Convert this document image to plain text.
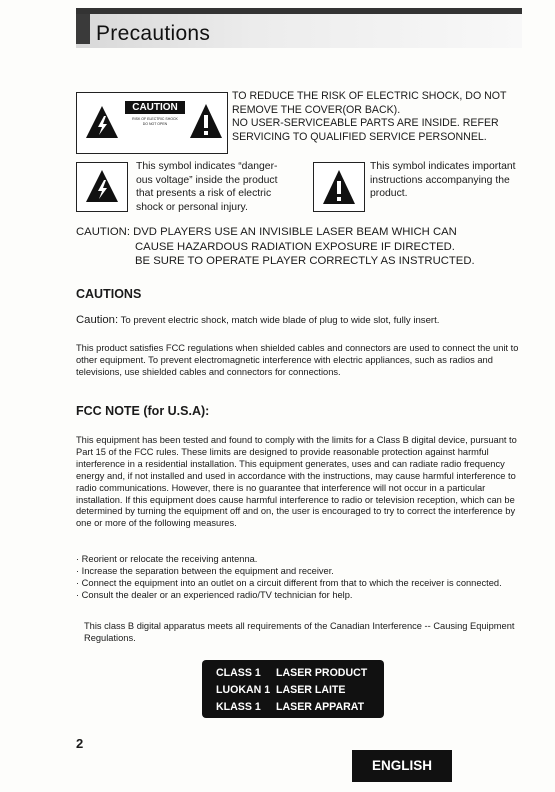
Precautions
CAUTION
RISK OF ELECTRIC SHOCK
DO NOT OPEN
TO REDUCE THE RISK OF ELECTRIC SHOCK, DO NOT
REMOVE THE COVER(OR BACK).
NO USER-SERVICEABLE PARTS ARE INSIDE. REFER
SERVICING TO QUALIFIED SERVICE PERSONNEL.
This symbol indicates “danger-
ous voltage” inside the product
that presents a risk of electric
shock or personal injury.
This symbol indicates important
instructions accompanying the
product.
CAUTION: DVD PLAYERS USE AN INVISIBLE LASER BEAM WHICH CAN
CAUSE HAZARDOUS RADIATION EXPOSURE IF DIRECTED.
BE SURE TO OPERATE PLAYER CORRECTLY AS INSTRUCTED.
CAUTIONS
Caution: To prevent electric shock, match wide blade of plug to wide slot, fully insert.

This product satisfies FCC regulations when shielded cables and connectors are used to connect the unit to other equipment. To prevent electromagnetic interference with electric appliances, such as radios and televisions, use shielded cables and connectors for connections.

FCC NOTE (for U.S.A):

This equipment has been tested and found to comply with the limits for a Class B digital device, pursuant to Part 15 of the FCC rules. These limits are designed to provide reasonable protection against harmful interference in a residential installation. This equipment generates, uses and can radiate radio frequency energy and, if not installed and used in accordance with the instructions, may cause harmful interference to radio communications. However, there is no guarantee that interference will not occur in a particular installation. If this equipment does cause harmful interference to radio or television reception, which can be determined by turning the equipment off and on, the user is encouraged to try to correct the interference by one or more of the following measures.

· Reorient or relocate the receiving antenna.
· Increase the separation between the equipment and receiver.
· Connect the equipment into an outlet on a circuit different from that to which the receiver is connected.
· Consult the dealer or an experienced radio/TV technician for help.
This class B digital apparatus meets all requirements of the Canadian Interference -- Causing Equipment Regulations.
CLASS 1 LASER PRODUCT
LUOKAN 1 LASER LAITE
KLASS 1 LASER APPARAT
2
ENGLISH
